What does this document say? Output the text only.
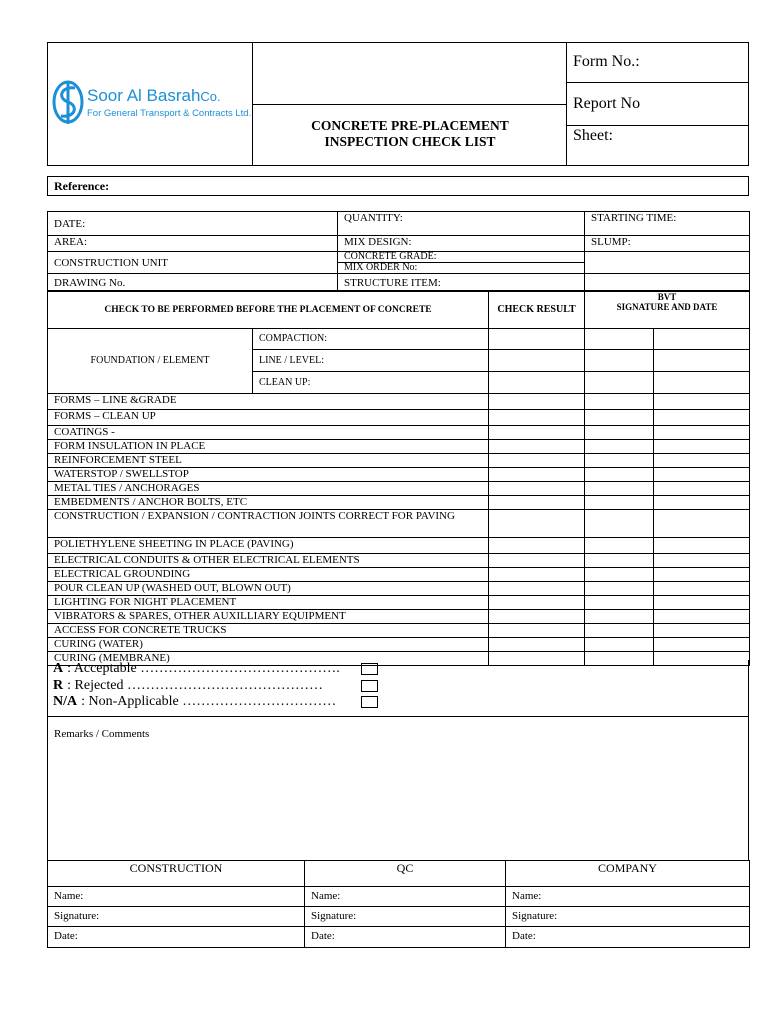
Soor Al BasrahCo.
For General Transport & Contracts Ltd.
CONCRETE PRE-PLACEMENT
INSPECTION CHECK LIST
Form No.:
Report No
Sheet:
Reference:
DATE:	QUANTITY:	STARTING TIME:
AREA:	MIX DESIGN:	SLUMP:
CONSTRUCTION UNIT	CONCRETE GRADE:
MIX ORDER No:	

DRAWING No.	STRUCTURE ITEM:	
CHECK TO BE PERFORMED BEFORE THE PLACEMENT OF CONCRETE		CHECK RESULT	BVT
SIGNATURE AND DATE	

FOUNDATION / ELEMENT	COMPACTION:			
	LINE / LEVEL:			
	CLEAN UP:			
FORMS – LINE &GRADE				
FORMS – CLEAN UP				
COATINGS -				
FORM INSULATION IN PLACE				
REINFORCEMENT STEEL				
WATERSTOP / SWELLSTOP				
METAL TIES / ANCHORAGES				
EMBEDMENTS / ANCHOR BOLTS, ETC				
CONSTRUCTION / EXPANSION / CONTRACTION JOINTS CORRECT FOR PAVING				
POLIETHYLENE SHEETING IN PLACE (PAVING)				
ELECTRICAL CONDUITS & OTHER ELECTRICAL ELEMENTS				
ELECTRICAL GROUNDING				
POUR CLEAN UP (WASHED OUT, BLOWN OUT)				
LIGHTING FOR NIGHT PLACEMENT				
VIBRATORS & SPARES, OTHER AUXILLIARY EQUIPMENT				
ACCESS FOR CONCRETE TRUCKS				
CURING (WATER)				
CURING (MEMBRANE)				
A : Acceptable …………………………………….
R : Rejected ……………………………………
N/A : Non-Applicable ……………………………
Remarks / Comments
CONSTRUCTION	QC	COMPANY
Name:	Name:	Name:
Signature:	Signature:	Signature:
Date:	Date:	Date:
